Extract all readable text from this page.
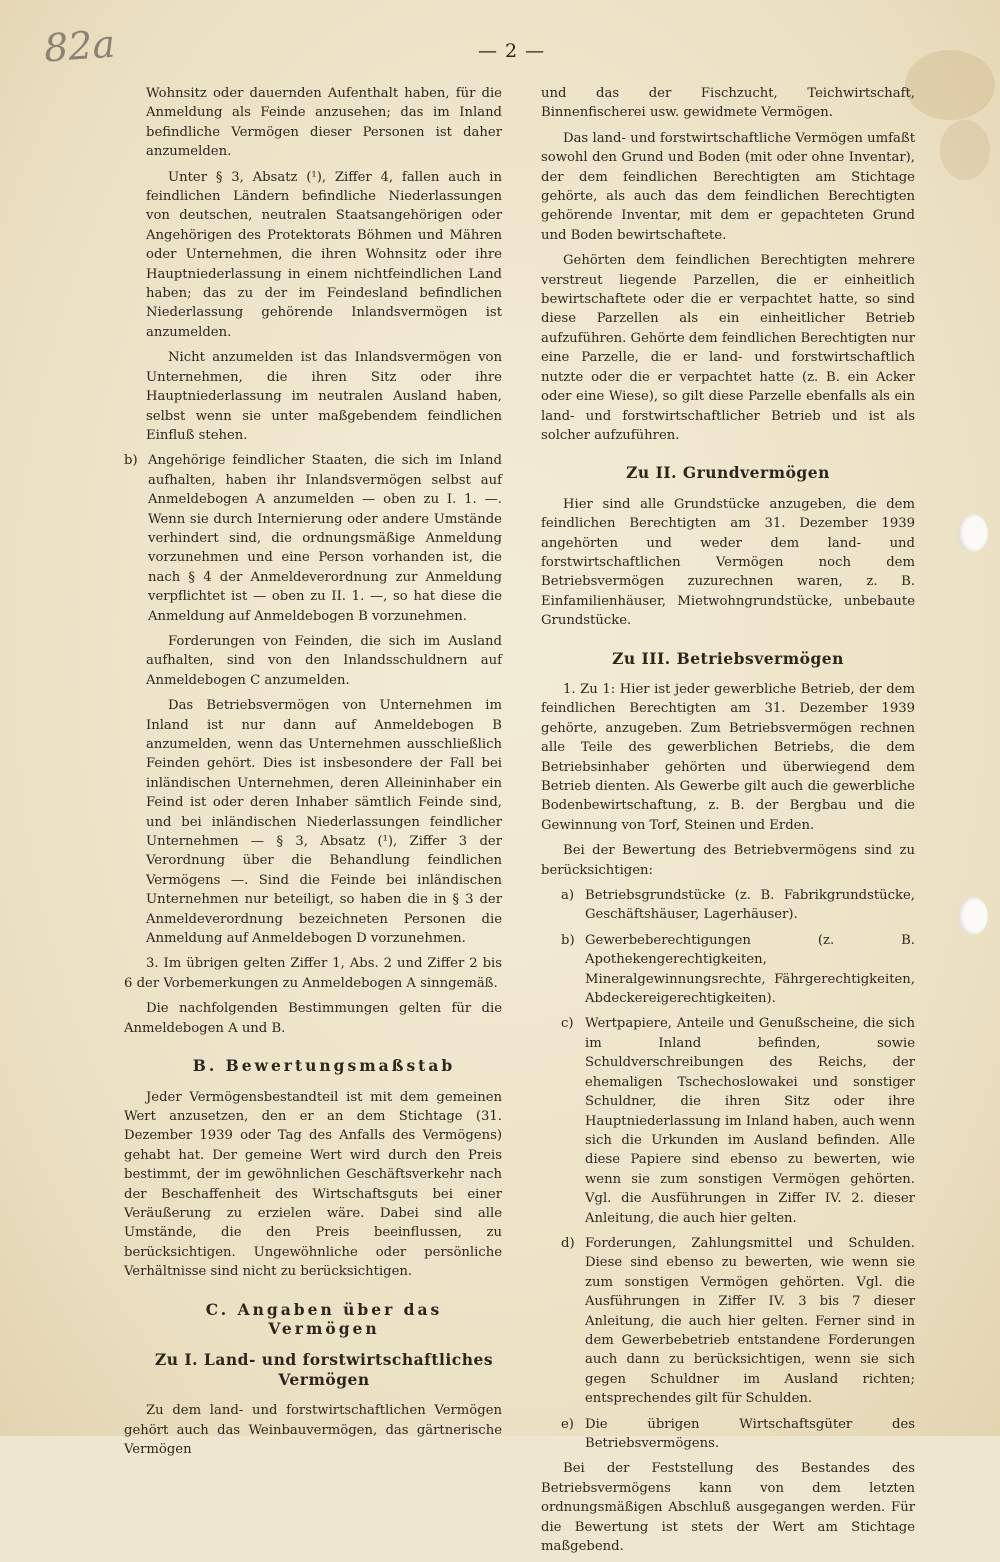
82a	— 2 —

Wohnsitz oder dauernden Aufenthalt haben, für die Anmeldung als Feinde anzusehen; das im Inland befindliche Vermögen dieser Personen ist daher anzumelden.

Unter § 3, Absatz (¹), Ziffer 4, fallen auch in feindlichen Ländern befindliche Niederlassungen von deutschen, neutralen Staatsangehörigen oder Angehörigen des Protektorats Böhmen und Mähren oder Unternehmen, die ihren Wohnsitz oder ihre Hauptniederlassung in einem nichtfeindlichen Land haben; das zu der im Feindesland befindlichen Niederlassung gehörende Inlandsvermögen ist anzumelden.

Nicht anzumelden ist das Inlandsvermögen von Unternehmen, die ihren Sitz oder ihre Hauptniederlassung im neutralen Ausland haben, selbst wenn sie unter maßgebendem feindlichen Einfluß stehen.

b) Angehörige feindlicher Staaten, die sich im Inland aufhalten, haben ihr Inlandsvermögen selbst auf Anmeldebogen A anzumelden — oben zu I. 1. —. Wenn sie durch Internierung oder andere Umstände verhindert sind, die ordnungsmäßige Anmeldung vorzunehmen und eine Person vorhanden ist, die nach § 4 der Anmeldeverordnung zur Anmeldung verpflichtet ist — oben zu II. 1. —, so hat diese die Anmeldung auf Anmeldebogen B vorzunehmen.

Forderungen von Feinden, die sich im Ausland aufhalten, sind von den Inlandsschuldnern auf Anmeldebogen C anzumelden.

Das Betriebsvermögen von Unternehmen im Inland ist nur dann auf Anmeldebogen B anzumelden, wenn das Unternehmen ausschließlich Feinden gehört. Dies ist insbesondere der Fall bei inländischen Unternehmen, deren Alleininhaber ein Feind ist oder deren Inhaber sämtlich Feinde sind, und bei inländischen Niederlassungen feindlicher Unternehmen — § 3, Absatz (¹), Ziffer 3 der Verordnung über die Behandlung feindlichen Vermögens —. Sind die Feinde bei inländischen Unternehmen nur beteiligt, so haben die in § 3 der Anmeldeverordnung bezeichneten Personen die Anmeldung auf Anmeldebogen D vorzunehmen.

3. Im übrigen gelten Ziffer 1, Abs. 2 und Ziffer 2 bis 6 der Vorbemerkungen zu Anmeldebogen A sinngemäß.

Die nachfolgenden Bestimmungen gelten für die Anmeldebogen A und B.

B. Bewertungsmaßstab

Jeder Vermögensbestandteil ist mit dem gemeinen Wert anzusetzen, den er an dem Stichtage (31. Dezember 1939 oder Tag des Anfalls des Vermögens) gehabt hat. Der gemeine Wert wird durch den Preis bestimmt, der im gewöhnlichen Geschäftsverkehr nach der Beschaffenheit des Wirtschaftsguts bei einer Veräußerung zu erzielen wäre. Dabei sind alle Umstände, die den Preis beeinflussen, zu berücksichtigen. Ungewöhnliche oder persönliche Verhältnisse sind nicht zu berücksichtigen.

C. Angaben über das Vermögen
Zu I. Land- und forstwirtschaftliches Vermögen

Zu dem land- und forstwirtschaftlichen Vermögen gehört auch das Weinbauvermögen, das gärtnerische Vermögen

und das der Fischzucht, Teichwirtschaft, Binnenfischerei usw. gewidmete Vermögen.

Das land- und forstwirtschaftliche Vermögen umfaßt sowohl den Grund und Boden (mit oder ohne Inventar), der dem feindlichen Berechtigten am Stichtage gehörte, als auch das dem feindlichen Berechtigten gehörende Inventar, mit dem er gepachteten Grund und Boden bewirtschaftete.

Gehörten dem feindlichen Berechtigten mehrere verstreut liegende Parzellen, die er einheitlich bewirtschaftete oder die er verpachtet hatte, so sind diese Parzellen als ein einheitlicher Betrieb aufzuführen. Gehörte dem feindlichen Berechtigten nur eine Parzelle, die er land- und forstwirtschaftlich nutzte oder die er verpachtet hatte (z. B. ein Acker oder eine Wiese), so gilt diese Parzelle ebenfalls als ein land- und forstwirtschaftlicher Betrieb und ist als solcher aufzuführen.

Zu II. Grundvermögen

Hier sind alle Grundstücke anzugeben, die dem feindlichen Berechtigten am 31. Dezember 1939 angehörten und weder dem land- und forstwirtschaftlichen Vermögen noch dem Betriebsvermögen zuzurechnen waren, z. B. Einfamilienhäuser, Mietwohngrundstücke, unbebaute Grundstücke.

Zu III. Betriebsvermögen

1. Zu 1: Hier ist jeder gewerbliche Betrieb, der dem feindlichen Berechtigten am 31. Dezember 1939 gehörte, anzugeben. Zum Betriebsvermögen rechnen alle Teile des gewerblichen Betriebs, die dem Betriebsinhaber gehörten und überwiegend dem Betrieb dienten. Als Gewerbe gilt auch die gewerbliche Bodenbewirtschaftung, z. B. der Bergbau und die Gewinnung von Torf, Steinen und Erden.

Bei der Bewertung des Betriebvermögens sind zu berücksichtigen:

a) Betriebsgrundstücke (z. B. Fabrikgrundstücke, Geschäftshäuser, Lagerhäuser).
b) Gewerbeberechtigungen (z. B. Apothekengerechtigkeiten, Mineralgewinnungsrechte, Fährgerechtigkeiten, Abdeckereigerechtigkeiten).
c) Wertpapiere, Anteile und Genußscheine, die sich im Inland befinden, sowie Schuldverschreibungen des Reichs, der ehemaligen Tschechoslowakei und sonstiger Schuldner, die ihren Sitz oder ihre Hauptniederlassung im Inland haben, auch wenn sich die Urkunden im Ausland befinden. Alle diese Papiere sind ebenso zu bewerten, wie wenn sie zum sonstigen Vermögen gehörten. Vgl. die Ausführungen in Ziffer IV. 2. dieser Anleitung, die auch hier gelten.
d) Forderungen, Zahlungsmittel und Schulden. Diese sind ebenso zu bewerten, wie wenn sie zum sonstigen Vermögen gehörten. Vgl. die Ausführungen in Ziffer IV. 3 bis 7 dieser Anleitung, die auch hier gelten. Ferner sind in dem Gewerbebetrieb entstandene Forderungen auch dann zu berücksichtigen, wenn sie sich gegen Schuldner im Ausland richten; entsprechendes gilt für Schulden.
e) Die übrigen Wirtschaftsgüter des Betriebsvermögens.

Bei der Feststellung des Bestandes des Betriebsvermögens kann von dem letzten ordnungsmäßigen Abschluß ausgegangen werden. Für die Bewertung ist stets der Wert am Stichtage maßgebend.
